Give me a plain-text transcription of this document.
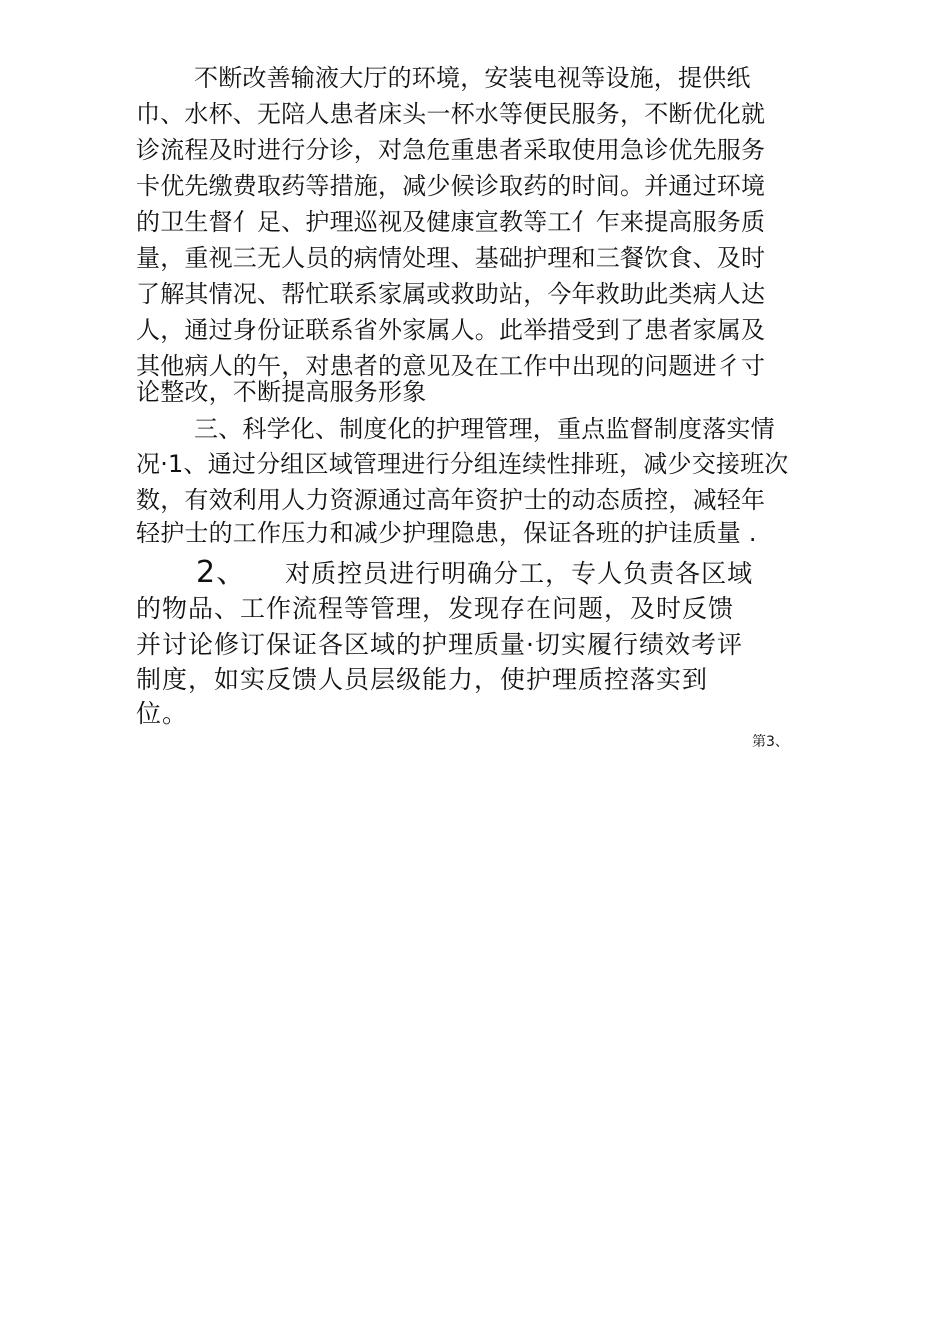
不断改善输液大厅的环境，安装电视等设施，提供纸
巾、水杯、无陪人患者床头一杯水等便民服务，不断优化就
诊流程及时进行分诊，对急危重患者采取使用急诊优先服务
卡优先缴费取药等措施，减少候诊取药的时间。并通过环境
的卫生督亻足、护理巡视及健康宣教等工亻乍来提高服务质
量，重视三无人员的病情处理、基础护理和三餐饮食、及时
了解其情况、帮忙联系家属或救助站，今年救助此类病人达
人，通过身份证联系省外家属人。此举措受到了患者家属及
其他病人的午，对患者的意见及在工作中出现的问题进彳寸
论整改，不断提高服务形象
三、科学化、制度化的护理管理，重点监督制度落实情
况·1、通过分组区域管理进行分组连续性排班，减少交接班次
数，有效利用人力资源通过高年资护士的动态质控，减轻年
轻护士的工作压力和减少护理隐患，保证各班的护诖质量 .
2、 对质控员进行明确分工，专人负责各区域
的物品、工作流程等管理，发现存在问题，及时反馈
并讨论修订保证各区域的护理质量·切实履行绩效考评
制度，如实反馈人员层级能力，使护理质控落实到
位。
第3、
